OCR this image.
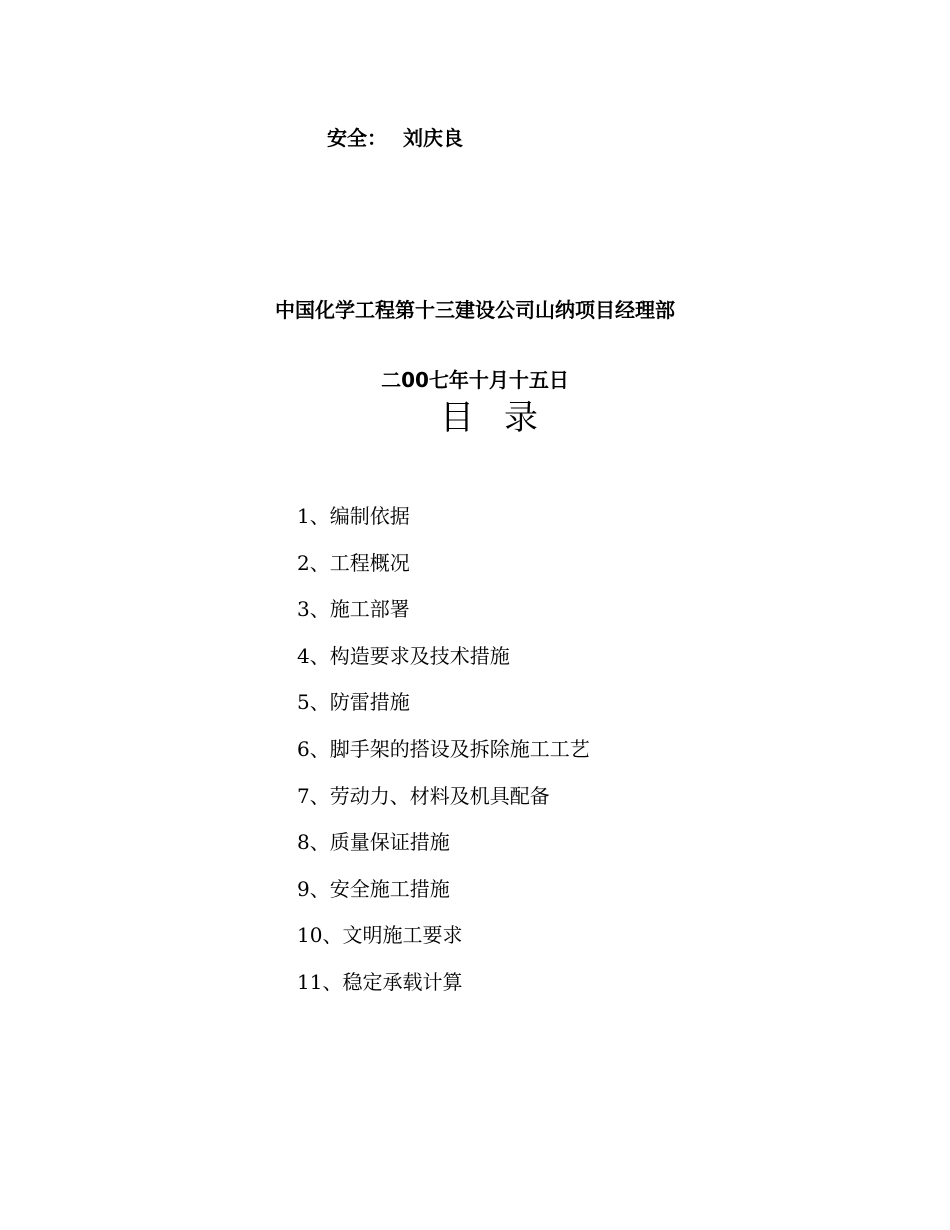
安全： 刘庆良
中国化学工程第十三建设公司山纳项目经理部
二00七年十月十五日
目录
1、编制依据
2、工程概况
3、施工部署
4、构造要求及技术措施
5、防雷措施
6、脚手架的搭设及拆除施工工艺
7、劳动力、材料及机具配备
8、质量保证措施
9、安全施工措施
10、文明施工要求
11、稳定承载计算
